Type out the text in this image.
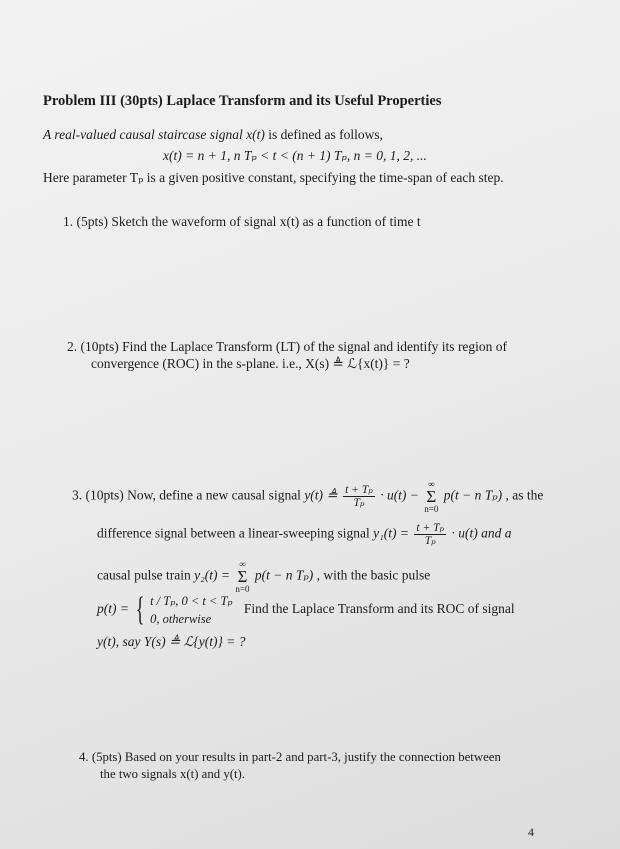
Problem III (30pts) Laplace Transform and its Useful Properties
A real-valued causal staircase signal x(t) is defined as follows,
x(t) = n + 1, n Tₚ < t < (n + 1) Tₚ, n = 0, 1, 2, ...
Here parameter Tₚ is a given positive constant, specifying the time-span of each step.
1. (5pts) Sketch the waveform of signal x(t) as a function of time t
2. (10pts) Find the Laplace Transform (LT) of the signal and identify its region of
convergence (ROC) in the s-plane. i.e., X(s) ≜ ℒ{x(t)} = ?
3. (10pts) Now, define a new causal signal y(t) ≜ $\frac{\text{t + Tₚ}}{\text{Tₚ}} \cdot u(t)$ − ∞
Σ
n=0 p(t − n Tₚ) , as the
difference signal between a linear-sweeping signal $y_1(t) = \frac{\text{t + Tₚ}}{\text{Tₚ}} \cdot u(t)$ and a
causal pulse train y₂(t) = ∞
Σ
n=0 p(t − n Tₚ) , with the basic pulse
p(t) = { t / Tₚ, 0 < t < Tₚ
0, otherwise
Find the Laplace Transform and its ROC of signal
y(t), say Y(s) ≜ ℒ{y(t)} = ?
4. (5pts) Based on your results in part-2 and part-3, justify the connection between
the two signals x(t) and y(t).
4
